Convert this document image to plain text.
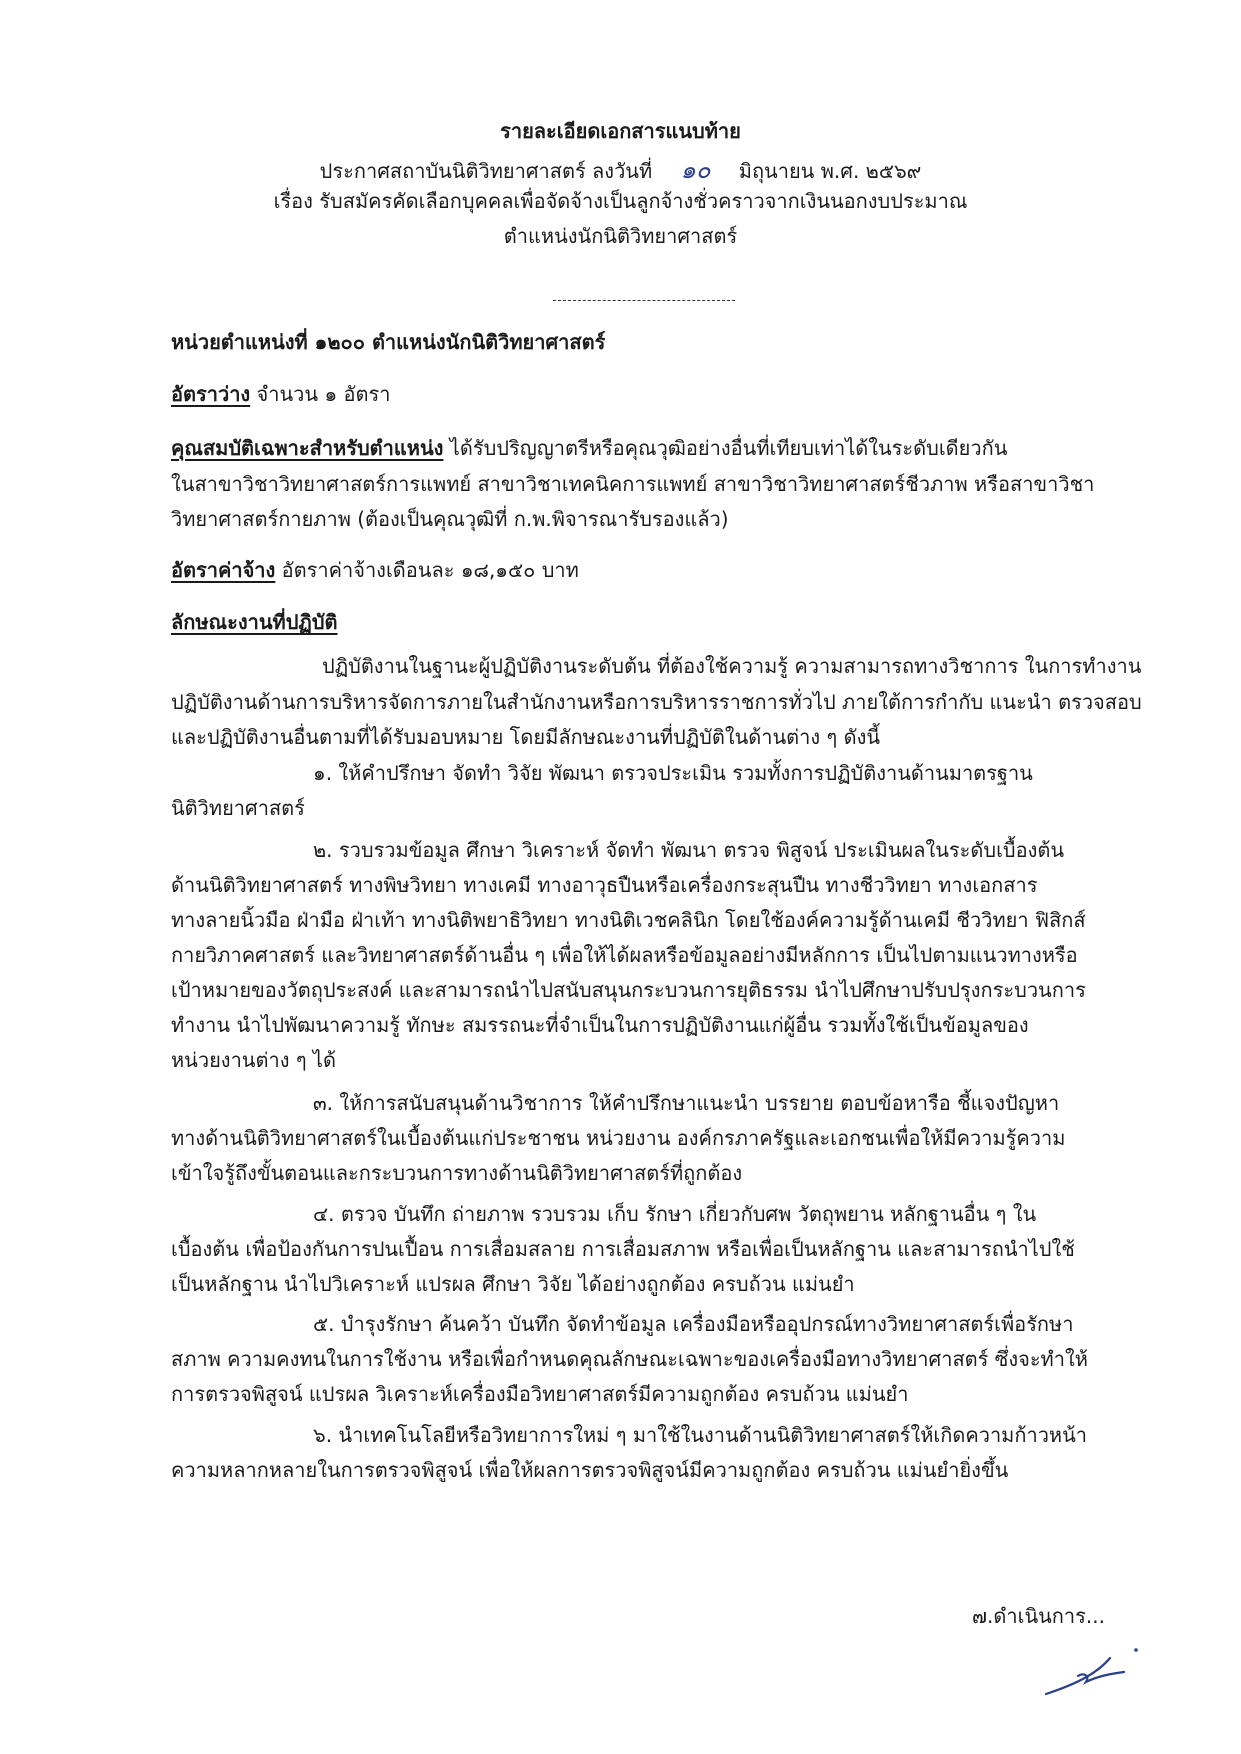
รายละเอียดเอกสารแนบท้าย
ประกาศสถาบันนิติวิทยาศาสตร์ ลงวันที่ ๑๐ มิถุนายน พ.ศ. ๒๕๖๙
เรื่อง รับสมัครคัดเลือกบุคคลเพื่อจัดจ้างเป็นลูกจ้างชั่วคราวจากเงินนอกงบประมาณ
ตำแหน่งนักนิติวิทยาศาสตร์
หน่วยตำแหน่งที่ ๑๒๐๐ ตำแหน่งนักนิติวิทยาศาสตร์
อัตราว่าง จำนวน ๑ อัตรา
คุณสมบัติเฉพาะสำหรับตำแหน่ง ได้รับปริญญาตรีหรือคุณวุฒิอย่างอื่นที่เทียบเท่าได้ในระดับเดียวกัน
ในสาขาวิชาวิทยาศาสตร์การแพทย์ สาขาวิชาเทคนิคการแพทย์ สาขาวิชาวิทยาศาสตร์ชีวภาพ หรือสาขาวิชา
วิทยาศาสตร์กายภาพ (ต้องเป็นคุณวุฒิที่ ก.พ.พิจารณารับรองแล้ว)
อัตราค่าจ้าง อัตราค่าจ้างเดือนละ ๑๘,๑๕๐ บาท
ลักษณะงานที่ปฏิบัติ
ปฏิบัติงานในฐานะผู้ปฏิบัติงานระดับต้น ที่ต้องใช้ความรู้ ความสามารถทางวิชาการ ในการทำงาน
ปฏิบัติงานด้านการบริหารจัดการภายในสำนักงานหรือการบริหารราชการทั่วไป ภายใต้การกำกับ แนะนำ ตรวจสอบ
และปฏิบัติงานอื่นตามที่ได้รับมอบหมาย โดยมีลักษณะงานที่ปฏิบัติในด้านต่าง ๆ ดังนี้
๑. ให้คำปรึกษา จัดทำ วิจัย พัฒนา ตรวจประเมิน รวมทั้งการปฏิบัติงานด้านมาตรฐาน
นิติวิทยาศาสตร์
๒. รวบรวมข้อมูล ศึกษา วิเคราะห์ จัดทำ พัฒนา ตรวจ พิสูจน์ ประเมินผลในระดับเบื้องต้น
ด้านนิติวิทยาศาสตร์ ทางพิษวิทยา ทางเคมี ทางอาวุธปืนหรือเครื่องกระสุนปืน ทางชีววิทยา ทางเอกสาร
ทางลายนิ้วมือ ฝ่ามือ ฝ่าเท้า ทางนิติพยาธิวิทยา ทางนิติเวชคลินิก โดยใช้องค์ความรู้ด้านเคมี ชีววิทยา ฟิสิกส์
กายวิภาคศาสตร์ และวิทยาศาสตร์ด้านอื่น ๆ เพื่อให้ได้ผลหรือข้อมูลอย่างมีหลักการ เป็นไปตามแนวทางหรือ
เป้าหมายของวัตถุประสงค์ และสามารถนำไปสนับสนุนกระบวนการยุติธรรม นำไปศึกษาปรับปรุงกระบวนการ
ทำงาน นำไปพัฒนาความรู้ ทักษะ สมรรถนะที่จำเป็นในการปฏิบัติงานแก่ผู้อื่น รวมทั้งใช้เป็นข้อมูลของ
หน่วยงานต่าง ๆ ได้
๓. ให้การสนับสนุนด้านวิชาการ ให้คำปรึกษาแนะนำ บรรยาย ตอบข้อหารือ ชี้แจงปัญหา
ทางด้านนิติวิทยาศาสตร์ในเบื้องต้นแก่ประชาชน หน่วยงาน องค์กรภาครัฐและเอกชนเพื่อให้มีความรู้ความ
เข้าใจรู้ถึงขั้นตอนและกระบวนการทางด้านนิติวิทยาศาสตร์ที่ถูกต้อง
๔. ตรวจ บันทึก ถ่ายภาพ รวบรวม เก็บ รักษา เกี่ยวกับศพ วัตถุพยาน หลักฐานอื่น ๆ ใน
เบื้องต้น เพื่อป้องกันการปนเปื้อน การเสื่อมสลาย การเสื่อมสภาพ หรือเพื่อเป็นหลักฐาน และสามารถนำไปใช้
เป็นหลักฐาน นำไปวิเคราะห์ แปรผล ศึกษา วิจัย ได้อย่างถูกต้อง ครบถ้วน แม่นยำ
๕. บำรุงรักษา ค้นคว้า บันทึก จัดทำข้อมูล เครื่องมือหรืออุปกรณ์ทางวิทยาศาสตร์เพื่อรักษา
สภาพ ความคงทนในการใช้งาน หรือเพื่อกำหนดคุณลักษณะเฉพาะของเครื่องมือทางวิทยาศาสตร์ ซึ่งจะทำให้
การตรวจพิสูจน์ แปรผล วิเคราะห์เครื่องมือวิทยาศาสตร์มีความถูกต้อง ครบถ้วน แม่นยำ
๖. นำเทคโนโลยีหรือวิทยาการใหม่ ๆ มาใช้ในงานด้านนิติวิทยาศาสตร์ให้เกิดความก้าวหน้า
ความหลากหลายในการตรวจพิสูจน์ เพื่อให้ผลการตรวจพิสูจน์มีความถูกต้อง ครบถ้วน แม่นยำยิ่งขึ้น
๗.ดำเนินการ...
